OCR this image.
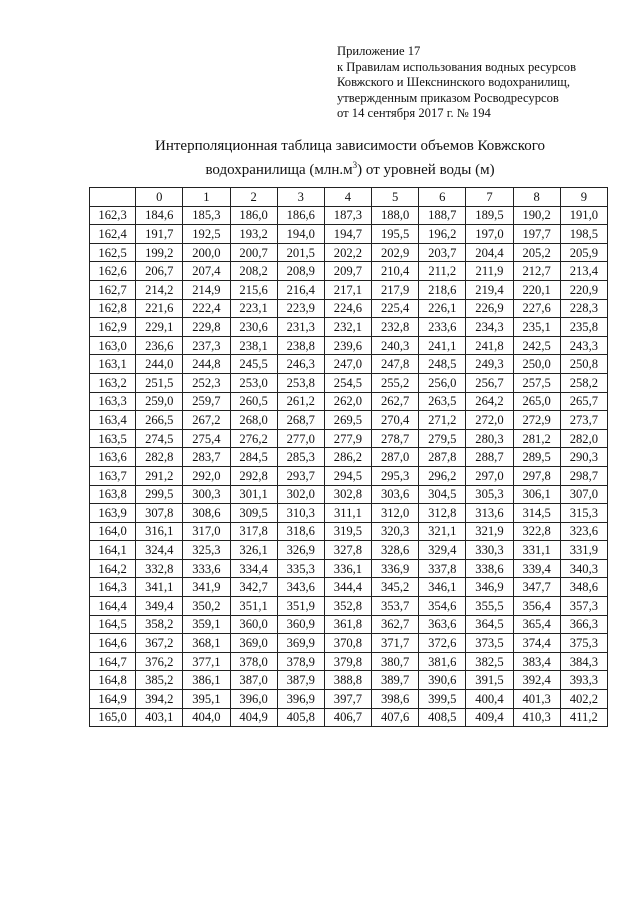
Приложение 17
к Правилам использования водных ресурсов
Ковжского и Шекснинского водохранилищ,
утвержденным приказом Росводресурсов
от 14 сентября 2017 г. № 194
Интерполяционная таблица зависимости объемов Ковжского
водохранилища $(млн.м^3)$ от уровней воды (м)
	0	1	2	3	4	5	6	7	8	9
162,3	184,6	185,3	186,0	186,6	187,3	188,0	188,7	189,5	190,2	191,0
162,4	191,7	192,5	193,2	194,0	194,7	195,5	196,2	197,0	197,7	198,5
162,5	199,2	200,0	200,7	201,5	202,2	202,9	203,7	204,4	205,2	205,9
162,6	206,7	207,4	208,2	208,9	209,7	210,4	211,2	211,9	212,7	213,4
162,7	214,2	214,9	215,6	216,4	217,1	217,9	218,6	219,4	220,1	220,9
162,8	221,6	222,4	223,1	223,9	224,6	225,4	226,1	226,9	227,6	228,3
162,9	229,1	229,8	230,6	231,3	232,1	232,8	233,6	234,3	235,1	235,8
163,0	236,6	237,3	238,1	238,8	239,6	240,3	241,1	241,8	242,5	243,3
163,1	244,0	244,8	245,5	246,3	247,0	247,8	248,5	249,3	250,0	250,8
163,2	251,5	252,3	253,0	253,8	254,5	255,2	256,0	256,7	257,5	258,2
163,3	259,0	259,7	260,5	261,2	262,0	262,7	263,5	264,2	265,0	265,7
163,4	266,5	267,2	268,0	268,7	269,5	270,4	271,2	272,0	272,9	273,7
163,5	274,5	275,4	276,2	277,0	277,9	278,7	279,5	280,3	281,2	282,0
163,6	282,8	283,7	284,5	285,3	286,2	287,0	287,8	288,7	289,5	290,3
163,7	291,2	292,0	292,8	293,7	294,5	295,3	296,2	297,0	297,8	298,7
163,8	299,5	300,3	301,1	302,0	302,8	303,6	304,5	305,3	306,1	307,0
163,9	307,8	308,6	309,5	310,3	311,1	312,0	312,8	313,6	314,5	315,3
164,0	316,1	317,0	317,8	318,6	319,5	320,3	321,1	321,9	322,8	323,6
164,1	324,4	325,3	326,1	326,9	327,8	328,6	329,4	330,3	331,1	331,9
164,2	332,8	333,6	334,4	335,3	336,1	336,9	337,8	338,6	339,4	340,3
164,3	341,1	341,9	342,7	343,6	344,4	345,2	346,1	346,9	347,7	348,6
164,4	349,4	350,2	351,1	351,9	352,8	353,7	354,6	355,5	356,4	357,3
164,5	358,2	359,1	360,0	360,9	361,8	362,7	363,6	364,5	365,4	366,3
164,6	367,2	368,1	369,0	369,9	370,8	371,7	372,6	373,5	374,4	375,3
164,7	376,2	377,1	378,0	378,9	379,8	380,7	381,6	382,5	383,4	384,3
164,8	385,2	386,1	387,0	387,9	388,8	389,7	390,6	391,5	392,4	393,3
164,9	394,2	395,1	396,0	396,9	397,7	398,6	399,5	400,4	401,3	402,2
165,0	403,1	404,0	404,9	405,8	406,7	407,6	408,5	409,4	410,3	411,2
